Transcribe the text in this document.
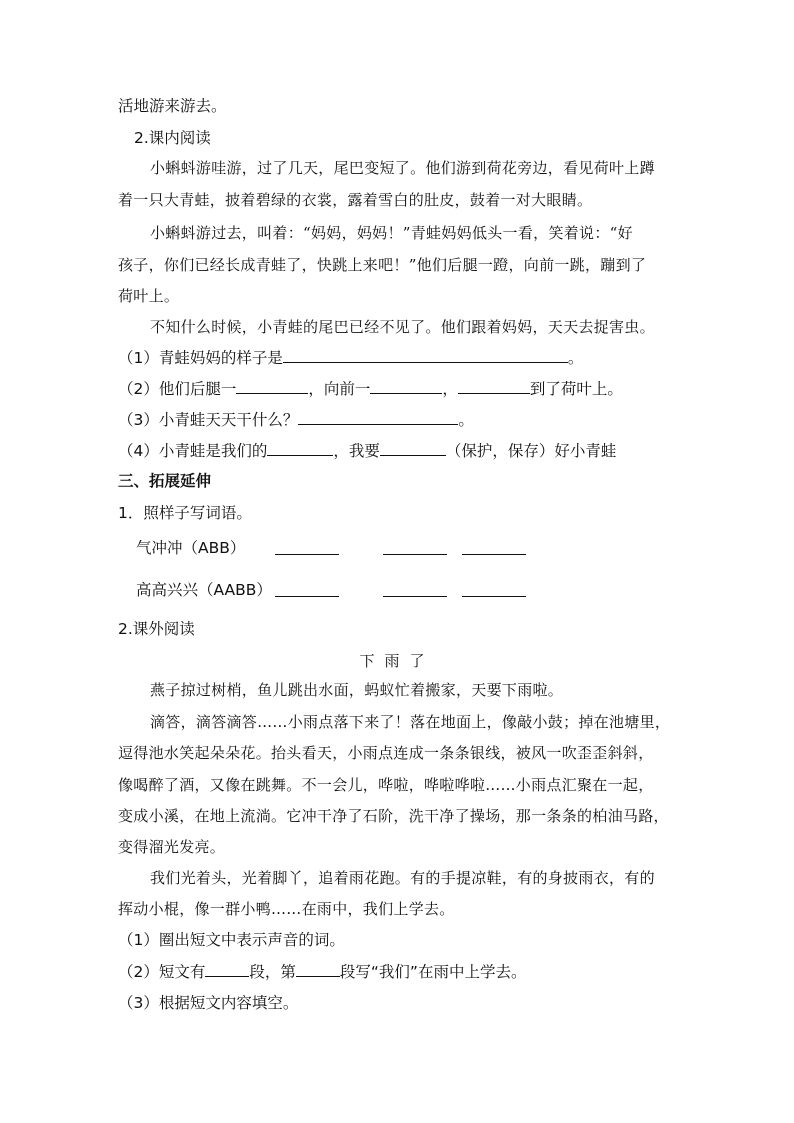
活地游来游去。
2.课内阅读
小蝌蚪游哇游，过了几天，尾巴变短了。他们游到荷花旁边，看见荷叶上蹲
着一只大青蛙，披着碧绿的衣裳，露着雪白的肚皮，鼓着一对大眼睛。
小蝌蚪游过去，叫着：“妈妈，妈妈！”青蛙妈妈低头一看，笑着说：“好
孩子，你们已经长成青蛙了，快跳上来吧！”他们后腿一蹬，向前一跳，蹦到了
荷叶上。
不知什么时候，小青蛙的尾巴已经不见了。他们跟着妈妈，天天去捉害虫。
（1）青蛙妈妈的样子是	。
（2）他们后腿一	，向前一	，	到了荷叶上。
（3）小青蛙天天干什么？	。
（4）小青蛙是我们的	，我要	（保护，保存）好小青蛙
三、拓展延伸
1．照样子写词语。
气冲冲（ABB）
高高兴兴（AABB）
2.课外阅读
下雨了
燕子掠过树梢，鱼儿跳出水面，蚂蚁忙着搬家，天要下雨啦。
滴答，滴答滴答……小雨点落下来了！落在地面上，像敲小鼓；掉在池塘里，
逗得池水笑起朵朵花。抬头看天，小雨点连成一条条银线，被风一吹歪歪斜斜，
像喝醉了酒，又像在跳舞。不一会儿，哗啦，哗啦哗啦……小雨点汇聚在一起，
变成小溪，在地上流淌。它冲干净了石阶，洗干净了操场，那一条条的柏油马路，
变得溜光发亮。
我们光着头，光着脚丫，追着雨花跑。有的手提凉鞋，有的身披雨衣，有的
挥动小棍，像一群小鸭……在雨中，我们上学去。
（1）圈出短文中表示声音的词。
（2）短文有	段，第	段写“我们”在雨中上学去。
（3）根据短文内容填空。
